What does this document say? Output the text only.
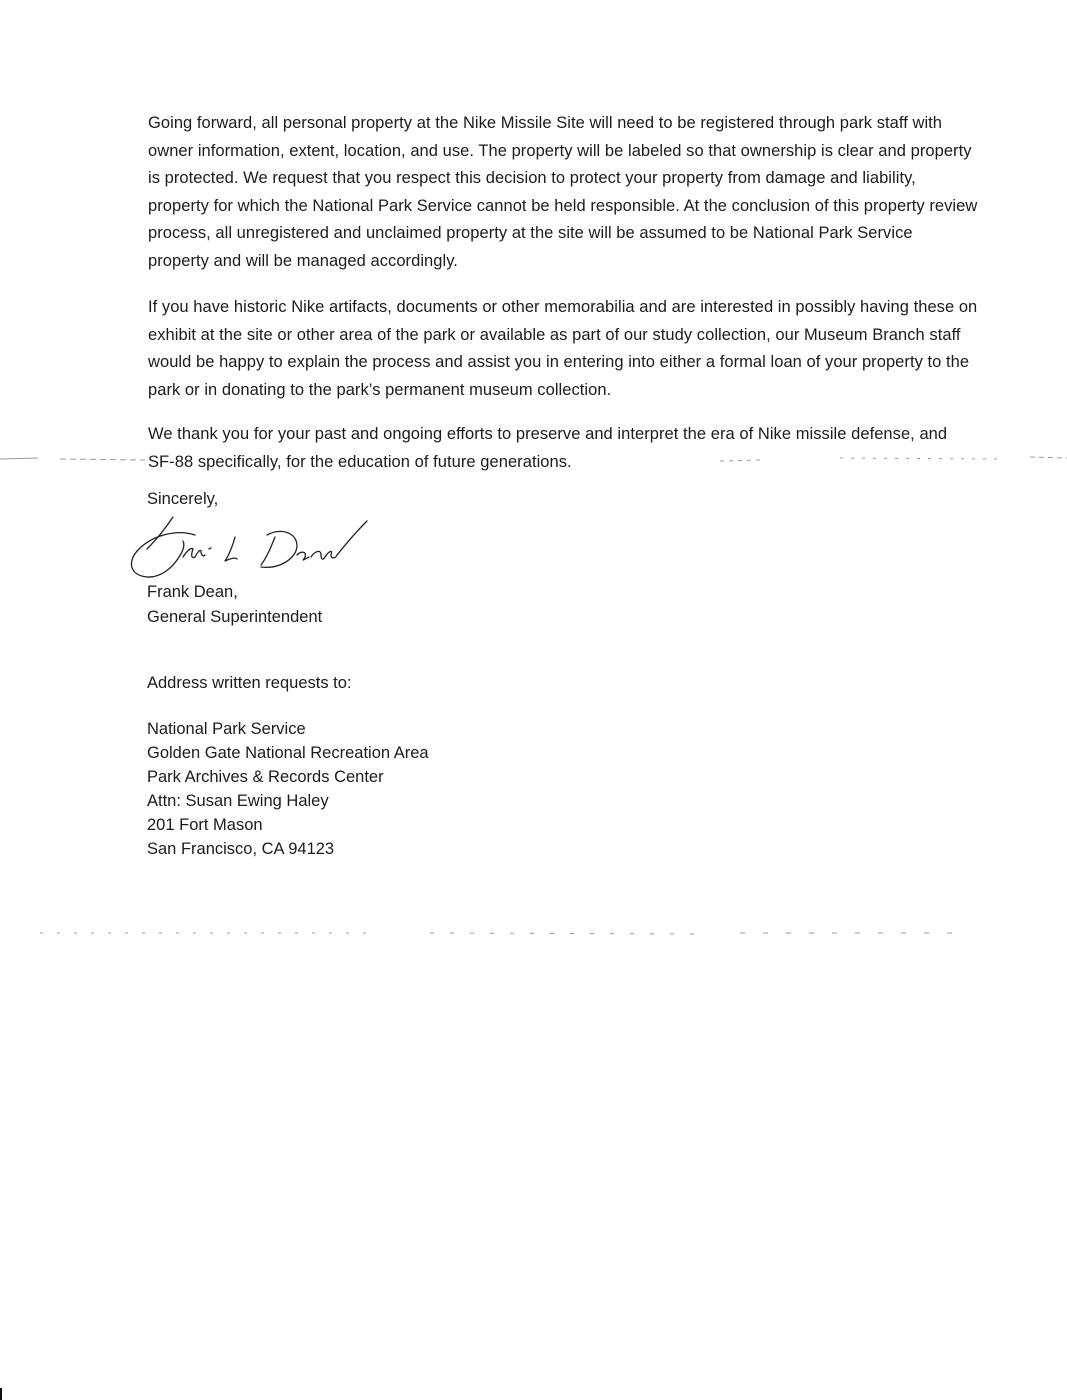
Going forward, all personal property at the Nike Missile Site will need to be registered through park staff with owner information, extent, location, and use. The property will be labeled so that ownership is clear and property is protected. We request that you respect this decision to protect your property from damage and liability, property for which the National Park Service cannot be held responsible. At the conclusion of this property review process, all unregistered and unclaimed property at the site will be assumed to be National Park Service property and will be managed accordingly.
If you have historic Nike artifacts, documents or other memorabilia and are interested in possibly having these on exhibit at the site or other area of the park or available as part of our study collection, our Museum Branch staff would be happy to explain the process and assist you in entering into either a formal loan of your property to the park or in donating to the park’s permanent museum collection.
We thank you for your past and ongoing efforts to preserve and interpret the era of Nike missile defense, and SF-88 specifically, for the education of future generations.
Sincerely,
Frank Dean,
General Superintendent
Address written requests to:
National Park Service
Golden Gate National Recreation Area
Park Archives & Records Center
Attn: Susan Ewing Haley
201 Fort Mason
San Francisco, CA 94123
